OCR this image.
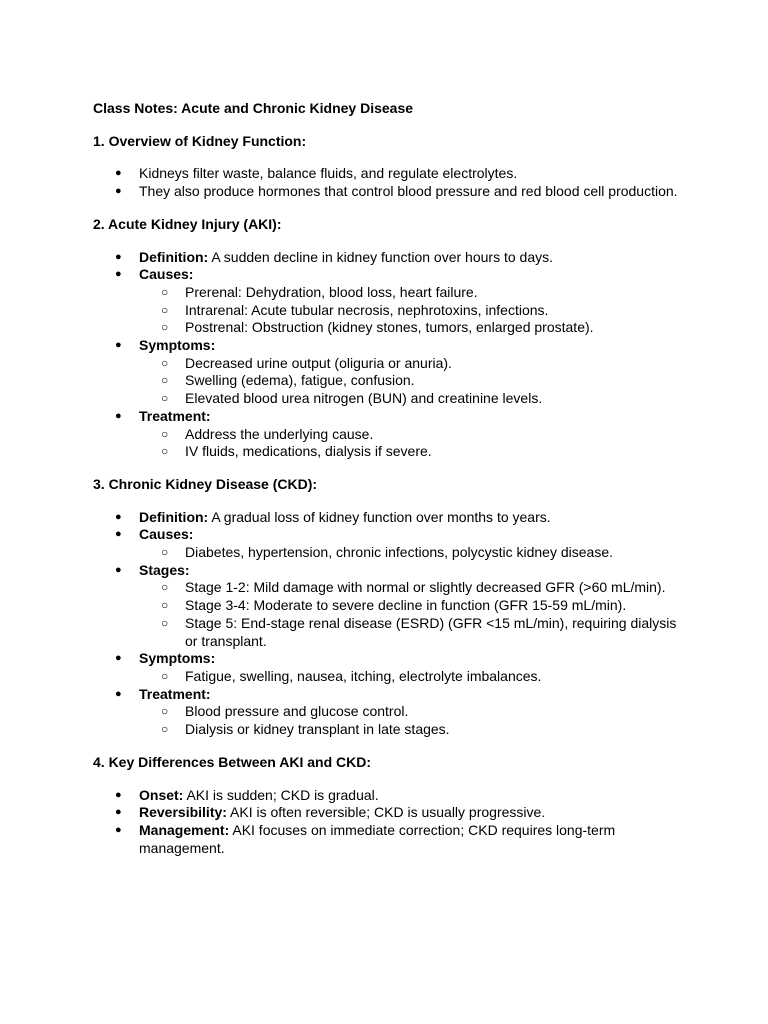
Class Notes: Acute and Chronic Kidney Disease
1. Overview of Kidney Function:
● Kidneys filter waste, balance fluids, and regulate electrolytes.
● They also produce hormones that control blood pressure and red blood cell production.
2. Acute Kidney Injury (AKI):
● Definition: A sudden decline in kidney function over hours to days.
● Causes:
○ Prerenal: Dehydration, blood loss, heart failure.
○ Intrarenal: Acute tubular necrosis, nephrotoxins, infections.
○ Postrenal: Obstruction (kidney stones, tumors, enlarged prostate).
● Symptoms:
○ Decreased urine output (oliguria or anuria).
○ Swelling (edema), fatigue, confusion.
○ Elevated blood urea nitrogen (BUN) and creatinine levels.
● Treatment:
○ Address the underlying cause.
○ IV fluids, medications, dialysis if severe.
3. Chronic Kidney Disease (CKD):
● Definition: A gradual loss of kidney function over months to years.
● Causes:
○ Diabetes, hypertension, chronic infections, polycystic kidney disease.
● Stages:
○ Stage 1-2: Mild damage with normal or slightly decreased GFR (>60 mL/min).
○ Stage 3-4: Moderate to severe decline in function (GFR 15-59 mL/min).
○ Stage 5: End-stage renal disease (ESRD) (GFR <15 mL/min), requiring dialysis or transplant.
● Symptoms:
○ Fatigue, swelling, nausea, itching, electrolyte imbalances.
● Treatment:
○ Blood pressure and glucose control.
○ Dialysis or kidney transplant in late stages.
4. Key Differences Between AKI and CKD:
● Onset: AKI is sudden; CKD is gradual.
● Reversibility: AKI is often reversible; CKD is usually progressive.
● Management: AKI focuses on immediate correction; CKD requires long-term management.
